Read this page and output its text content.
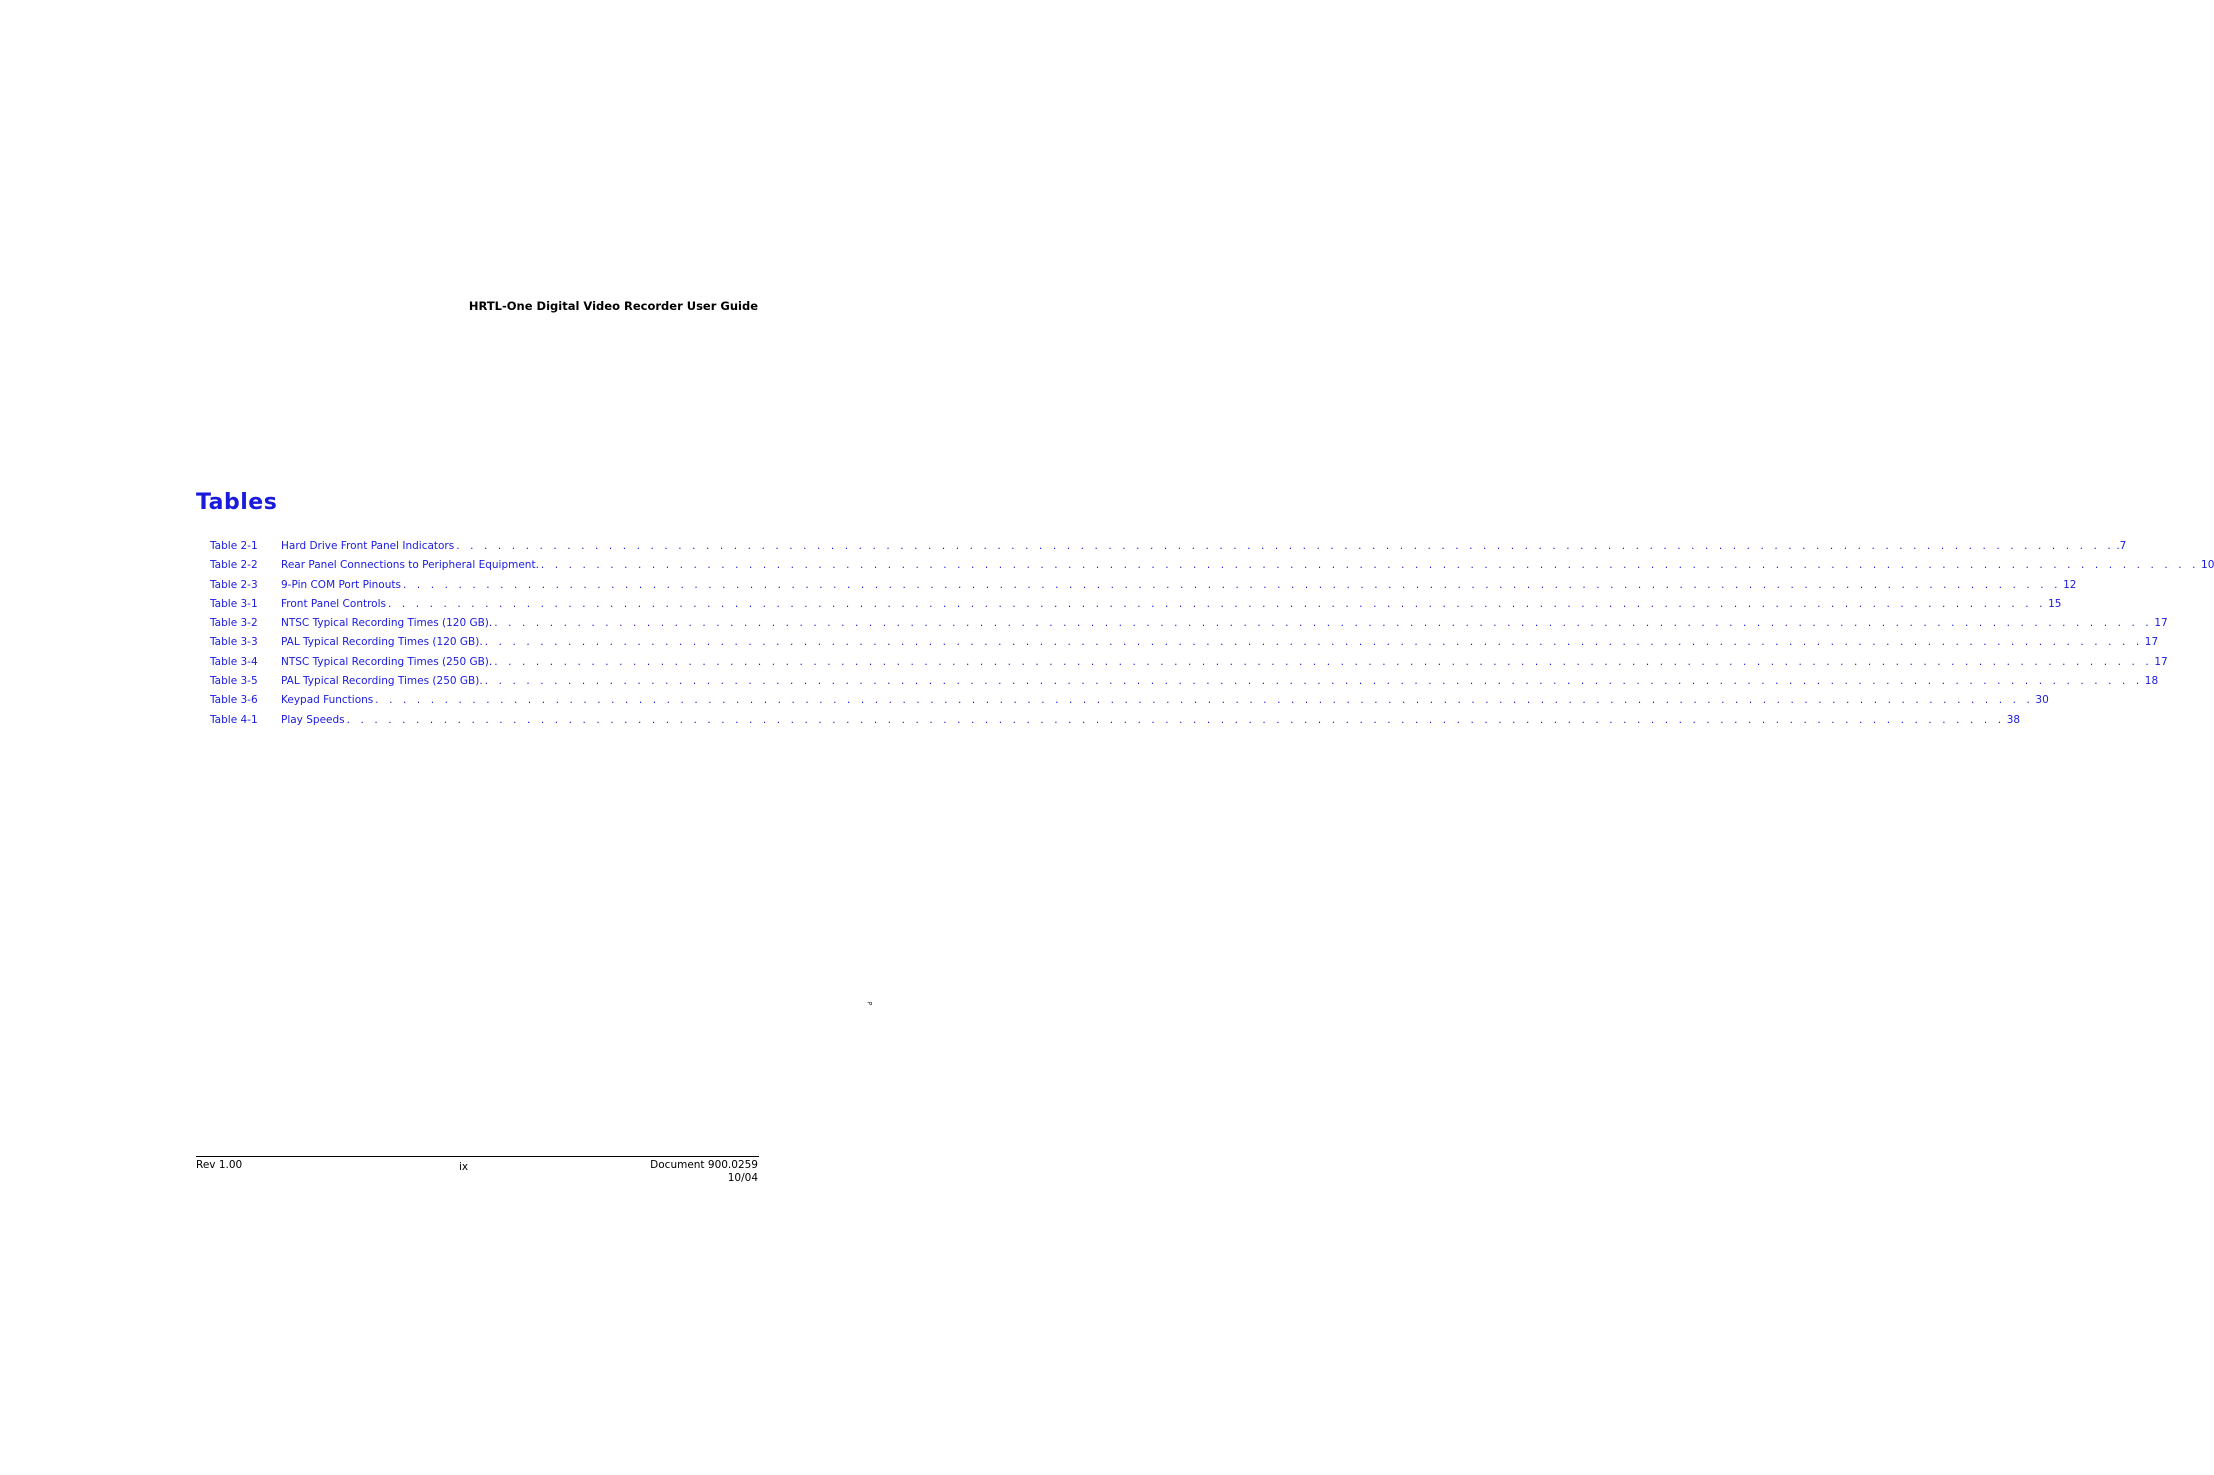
HRTL-One Digital Video Recorder User Guide
Tables
Table 2-1	Hard Drive Front Panel Indicators . . . . . . . . . . . . . . . . . . . . . . . . . . . . . . . . . . . . . . . . . . . . . . . . . . . . . . . . . . . . . . . . . . . . . . . . . . . . . . . . . . . . . . . . . . . . . . . . . . . . . . . . . . . . . . . . . . . . . . . . .7
Table 2-2	Rear Panel Connections to Peripheral Equipment. . . . . . . . . . . . . . . . . . . . . . . . . . . . . . . . . . . . . . . . . . . . . . . . . . . . . . . . . . . . . . . . . . . . . . . . . . . . . . . . . . . . . . . . . . . . . . . . . . . . . . . . . . . . . . . . . . . . . . . . . 10
Table 2-3	9-Pin COM Port Pinouts . . . . . . . . . . . . . . . . . . . . . . . . . . . . . . . . . . . . . . . . . . . . . . . . . . . . . . . . . . . . . . . . . . . . . . . . . . . . . . . . . . . . . . . . . . . . . . . . . . . . . . . . . . . . . . . . . . . . . . . . 12
Table 3-1	Front Panel Controls . . . . . . . . . . . . . . . . . . . . . . . . . . . . . . . . . . . . . . . . . . . . . . . . . . . . . . . . . . . . . . . . . . . . . . . . . . . . . . . . . . . . . . . . . . . . . . . . . . . . . . . . . . . . . . . . . . . . . . . . 15
Table 3-2	NTSC Typical Recording Times (120 GB). . . . . . . . . . . . . . . . . . . . . . . . . . . . . . . . . . . . . . . . . . . . . . . . . . . . . . . . . . . . . . . . . . . . . . . . . . . . . . . . . . . . . . . . . . . . . . . . . . . . . . . . . . . . . . . . . . . . . . . . . 17
Table 3-3	PAL Typical Recording Times (120 GB). . . . . . . . . . . . . . . . . . . . . . . . . . . . . . . . . . . . . . . . . . . . . . . . . . . . . . . . . . . . . . . . . . . . . . . . . . . . . . . . . . . . . . . . . . . . . . . . . . . . . . . . . . . . . . . . . . . . . . . . . 17
Table 3-4	NTSC Typical Recording Times (250 GB). . . . . . . . . . . . . . . . . . . . . . . . . . . . . . . . . . . . . . . . . . . . . . . . . . . . . . . . . . . . . . . . . . . . . . . . . . . . . . . . . . . . . . . . . . . . . . . . . . . . . . . . . . . . . . . . . . . . . . . . . 17
Table 3-5	PAL Typical Recording Times (250 GB). . . . . . . . . . . . . . . . . . . . . . . . . . . . . . . . . . . . . . . . . . . . . . . . . . . . . . . . . . . . . . . . . . . . . . . . . . . . . . . . . . . . . . . . . . . . . . . . . . . . . . . . . . . . . . . . . . . . . . . . . 18
Table 3-6	Keypad Functions . . . . . . . . . . . . . . . . . . . . . . . . . . . . . . . . . . . . . . . . . . . . . . . . . . . . . . . . . . . . . . . . . . . . . . . . . . . . . . . . . . . . . . . . . . . . . . . . . . . . . . . . . . . . . . . . . . . . . . . . 30
Table 4-1	Play Speeds . . . . . . . . . . . . . . . . . . . . . . . . . . . . . . . . . . . . . . . . . . . . . . . . . . . . . . . . . . . . . . . . . . . . . . . . . . . . . . . . . . . . . . . . . . . . . . . . . . . . . . . . . . . . . . . . . . . . . . . . 38
P
Rev 1.00	ix	Document 900.0259
10/04
